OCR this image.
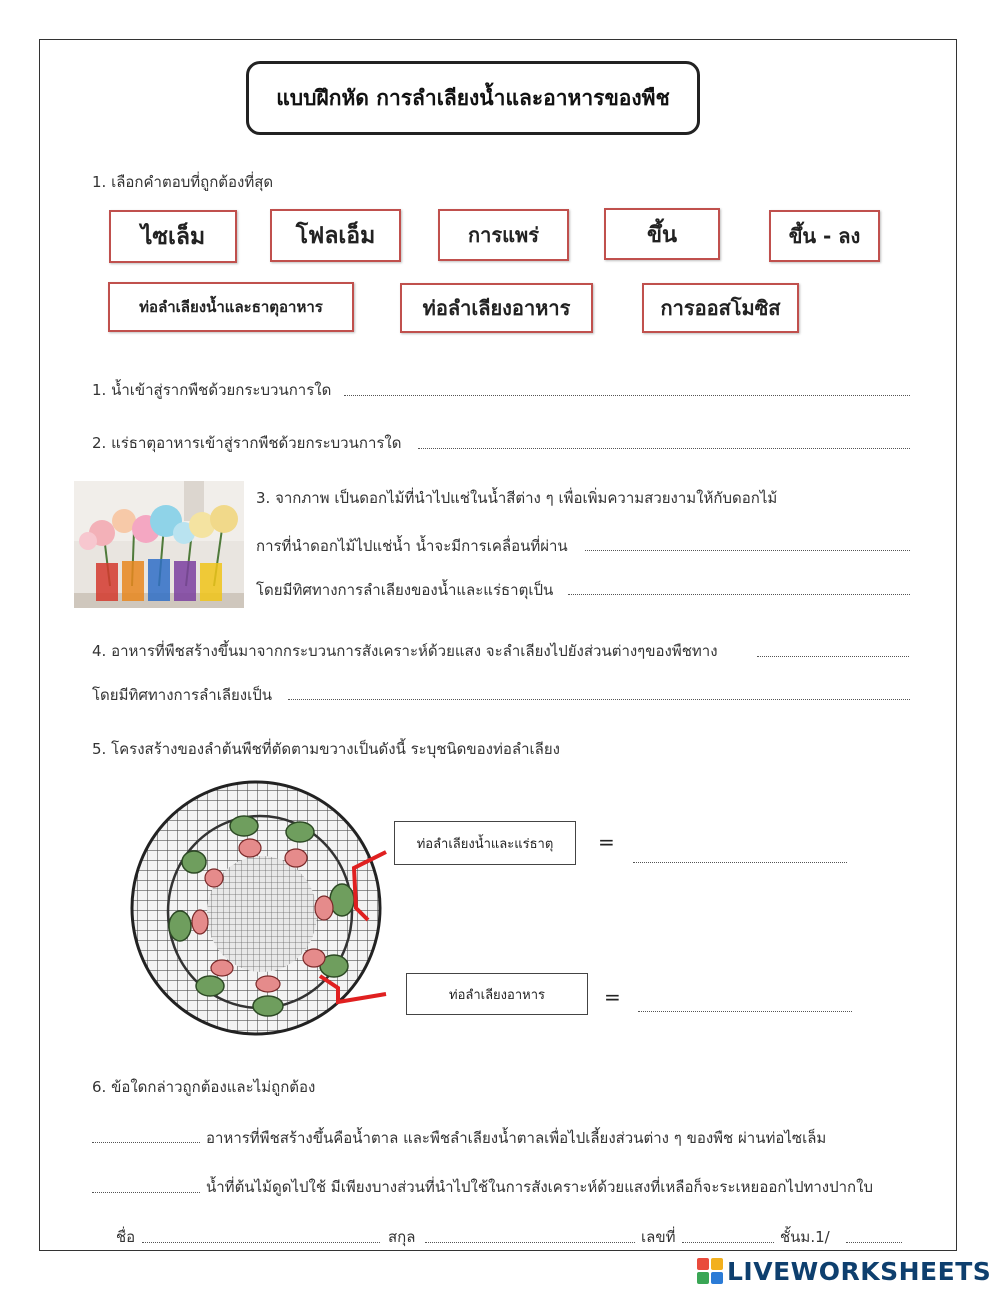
แบบฝึกหัด การลำเลียงน้ำและอาหารของพืช
1. เลือกคำตอบที่ถูกต้องที่สุด
ไซเล็ม	โฟลเอ็ม	การแพร่	ขึ้น	ขึ้น - ลง
ท่อลำเลียงน้ำและธาตุอาหาร	ท่อลำเลียงอาหาร	การออสโมซิส
1. น้ำเข้าสู่รากพืชด้วยกระบวนการใด
2. แร่ธาตุอาหารเข้าสู่รากพืชด้วยกระบวนการใด
3. จากภาพ เป็นดอกไม้ที่นำไปแช่ในน้ำสีต่าง ๆ เพื่อเพิ่มความสวยงามให้กับดอกไม้
การที่นำดอกไม้ไปแช่น้ำ น้ำจะมีการเคลื่อนที่ผ่าน
โดยมีทิศทางการลำเลียงของน้ำและแร่ธาตุเป็น
4. อาหารที่พืชสร้างขึ้นมาจากกระบวนการสังเคราะห์ด้วยแสง จะลำเลียงไปยังส่วนต่างๆของพืชทาง
โดยมีทิศทางการลำเลียงเป็น
5. โครงสร้างของลำต้นพืชที่ตัดตามขวางเป็นดังนี้ ระบุชนิดของท่อลำเลียง
ท่อลำเลียงน้ำและแร่ธาตุ	=
ท่อลำเลียงอาหาร	=
6. ข้อใดกล่าวถูกต้องและไม่ถูกต้อง
อาหารที่พืชสร้างขึ้นคือน้ำตาล และพืชลำเลียงน้ำตาลเพื่อไปเลี้ยงส่วนต่าง ๆ ของพืช ผ่านท่อไซเล็ม
น้ำที่ต้นไม้ดูดไปใช้ มีเพียงบางส่วนที่นำไปใช้ในการสังเคราะห์ด้วยแสงที่เหลือก็จะระเหยออกไปทางปากใบ
ชื่อ	สกุล	เลขที่	ชั้นม.1/
LIVEWORKSHEETS
